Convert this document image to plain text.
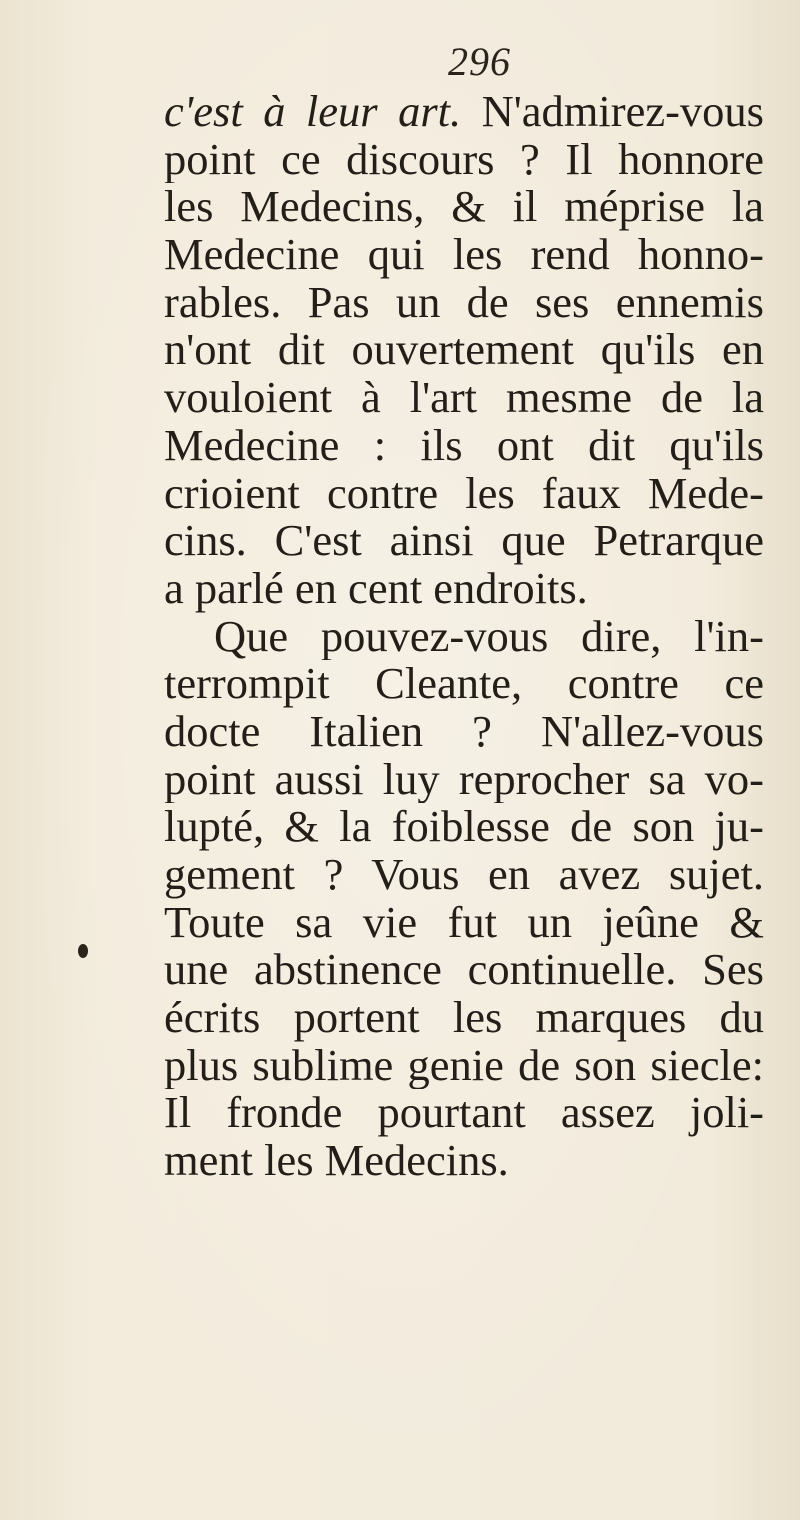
296
c'est à leur art. N'admirez-vous
point ce discours ? Il honnore
les Medecins, & il méprise la
Medecine qui les rend honno-
rables. Pas un de ses ennemis
n'ont dit ouvertement qu'ils en
vouloient à l'art mesme de la
Medecine : ils ont dit qu'ils
crioient contre les faux Mede-
cins. C'est ainsi que Petrarque
a parlé en cent endroits.
Que pouvez-vous dire, l'in-
terrompit Cleante, contre ce
docte Italien ? N'allez-vous
point aussi luy reprocher sa vo-
lupté, & la foiblesse de son ju-
gement ? Vous en avez sujet.
Toute sa vie fut un jeûne &
une abstinence continuelle. Ses
écrits portent les marques du
plus sublime genie de son siecle:
Il fronde pourtant assez joli-
ment les Medecins.
